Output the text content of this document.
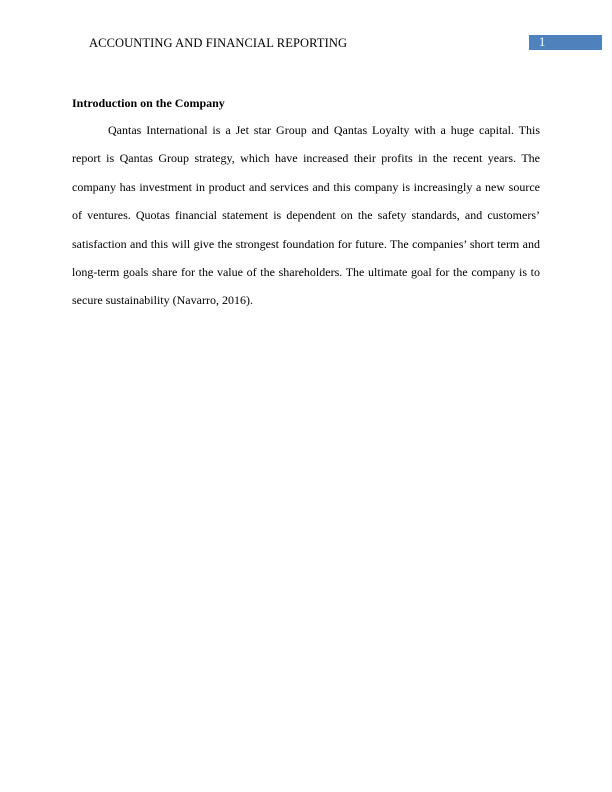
ACCOUNTING AND FINANCIAL REPORTING	1
Introduction on the Company

Qantas International is a Jet star Group and Qantas Loyalty with a huge capital. This report is Qantas Group strategy, which have increased their profits in the recent years. The company has investment in product and services and this company is increasingly a new source of ventures. Quotas financial statement is dependent on the safety standards, and customers’ satisfaction and this will give the strongest foundation for future. The companies’ short term and long-term goals share for the value of the shareholders. The ultimate goal for the company is to secure sustainability (Navarro, 2016).
